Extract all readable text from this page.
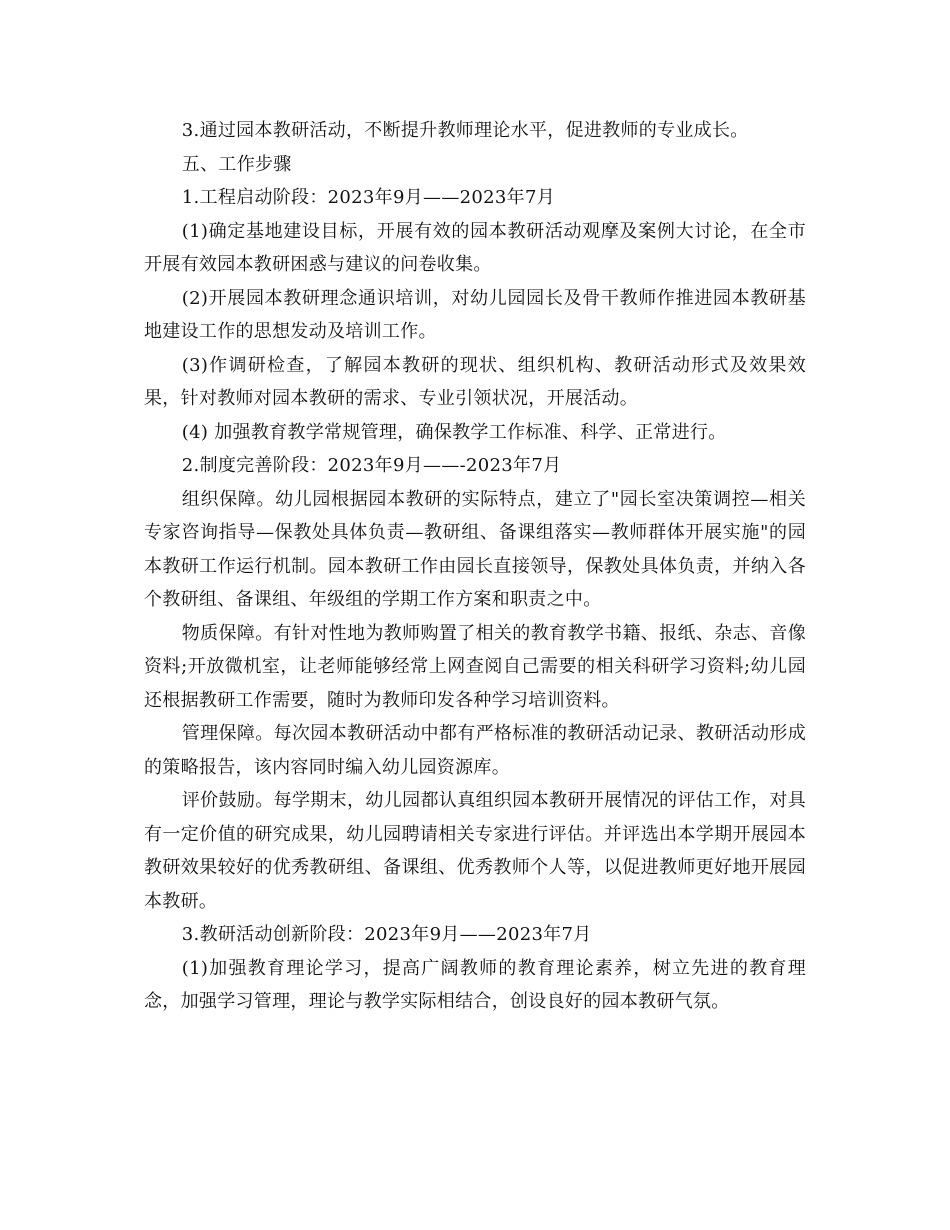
3.通过园本教研活动，不断提升教师理论水平，促进教师的专业成长。

五、工作步骤

1.工程启动阶段：2023年9月——2023年7月

(1)确定基地建设目标，开展有效的园本教研活动观摩及案例大讨论，在全市开展有效园本教研困惑与建议的问卷收集。

(2)开展园本教研理念通识培训，对幼儿园园长及骨干教师作推进园本教研基地建设工作的思想发动及培训工作。

(3)作调研检查，了解园本教研的现状、组织机构、教研活动形式及效果效果，针对教师对园本教研的需求、专业引领状况，开展活动。

(4) 加强教育教学常规管理，确保教学工作标准、科学、正常进行。

2.制度完善阶段：2023年9月——-2023年7月

组织保障。幼儿园根据园本教研的实际特点，建立了"园长室决策调控—相关专家咨询指导—保教处具体负责—教研组、备课组落实—教师群体开展实施"的园本教研工作运行机制。园本教研工作由园长直接领导，保教处具体负责，并纳入各个教研组、备课组、年级组的学期工作方案和职责之中。

物质保障。有针对性地为教师购置了相关的教育教学书籍、报纸、杂志、音像资料;开放微机室，让老师能够经常上网查阅自己需要的相关科研学习资料;幼儿园还根据教研工作需要，随时为教师印发各种学习培训资料。

管理保障。每次园本教研活动中都有严格标准的教研活动记录、教研活动形成的策略报告，该内容同时编入幼儿园资源库。

评价鼓励。每学期末，幼儿园都认真组织园本教研开展情况的评估工作，对具有一定价值的研究成果，幼儿园聘请相关专家进行评估。并评选出本学期开展园本教研效果较好的优秀教研组、备课组、优秀教师个人等，以促进教师更好地开展园本教研。

3.教研活动创新阶段：2023年9月——2023年7月

(1)加强教育理论学习，提高广阔教师的教育理论素养，树立先进的教育理念，加强学习管理，理论与教学实际相结合，创设良好的园本教研气氛。
